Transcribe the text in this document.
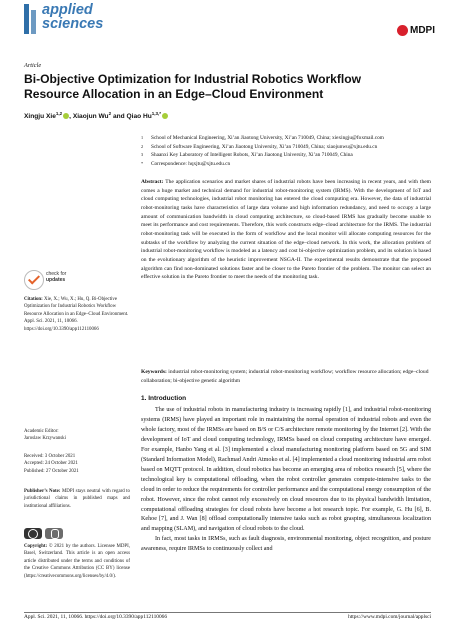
applied
sciences	MDPI
Article
Bi-Objective Optimization for Industrial Robotics Workflow
Resource Allocation in an Edge–Cloud Environment
Xingju Xie$^{1,2}$ , Xiaojun Wu$^2$ and Qiao $Hu^{1,3,*}$
1	School of Mechanical Engineering, Xi’an Jiaotong University, Xi’an 710049, China; xiexingju@foxmail.com
2	School of Software Engineering, Xi’an Jiaotong University, Xi’an 710049, China; xiaojunwu@xjtu.edu.cn
3	Shaanxi Key Laboratory of Intelligent Robots, Xi’an Jiaotong University, Xi’an 710049, China
*	Correspondence: hqxjtu@xjtu.edu.cn
Abstract: The application scenarios and market shares of industrial robots have been increasing in recent years, and with them comes a huge market and technical demand for industrial robot-monitoring system (IRMS). With the development of IoT and cloud computing technologies, industrial robot monitoring has entered the cloud computing era. However, the data of industrial robot-monitoring tasks have characteristics of large data volume and high information redundancy, and need to occupy a large amount of communication bandwidth in cloud computing architecture, so cloud-based IRMS has gradually become unable to meet its performance and cost requirements. Therefore, this work constructs edge–cloud architecture for the IRMS. The industrial robot-monitoring task will be executed in the form of workflow and the local monitor will allocate computing resources for the subtasks of the workflow by analyzing the current situation of the edge–cloud network. In this work, the allocation problem of industrial robot-monitoring workflow is modeled as a latency and cost bi-objective optimization problem, and its solution is based on the evolutionary algorithm of the heuristic improvement NSGA-II. The experimental results demonstrate that the proposed algorithm can find non-dominated solutions faster and be closer to the Pareto frontier of the problem. The monitor can select an effective solution in the Pareto frontier to meet the needs of the monitoring task.
Keywords: industrial robot-monitoring system; industrial robot-monitoring workflow; workflow resource allocation; edge–cloud collaboration; bi-objective genetic algorithm
check for
updates
Citation: Xie, X.; Wu, X.; Hu, Q. Bi-Objective Optimization for Industrial Robotics Workflow Resource Allocation in an Edge–Cloud Environment. Appl. Sci. 2021, 11, 10066. https://doi.org/10.3390/app112110066
Academic Editor:
Jaroslaw Krzywanski
Received: 3 October 2021
Accepted: 24 October 2021
Published: 27 October 2021
Publisher’s Note: MDPI stays neutral with regard to jurisdictional claims in published maps and institutional affiliations.
Copyright: © 2021 by the authors. Licensee MDPI, Basel, Switzerland. This article is an open access article distributed under the terms and conditions of the Creative Commons Attribution (CC BY) license (https://creativecommons.org/licenses/by/4.0/).
1. Introduction

The use of industrial robots in manufacturing industry is increasing rapidly [1], and industrial robot-monitoring systems (IRMS) have played an important role in maintaining the normal operation of industrial robots and even the whole factory, most of the IRMSs are based on B/S or C/S architecture remote monitoring by the Internet [2]. With the development of IoT and cloud computing technology, IRMSs based on cloud computing architecture have emerged. For example, Hanbo Yang et al. [3] implemented a cloud manufacturing monitoring platform based on 5G and SIM (Standard Information Model), Rachmad Andri Atmoko et al. [4] implemented a cloud monitoring industrial arm robot based on MQTT protocol. In addition, cloud robotics has become an emerging area of robotics research [5], where the technological key is computational offloading, when the robot controller generates compute-intensive tasks to the cloud in order to reduce the requirements for controller performance and the computational energy consumption of the robot. However, since the robot cannot rely excessively on cloud resources due to its physical bandwidth limitation, computational offloading strategies for cloud robots have become a hot research topic. For example, G. Hu [6], B. Kehoe [7], and J. Wan [8] offload computationally intensive tasks such as robot grasping, simultaneous localization and mapping (SLAM), and navigation of cloud robots to the cloud.

In fact, most tasks in IRMSs, such as fault diagnosis, environmental monitoring, object recognition, and posture awareness, require IRMSs to continuously collect and

Appl. Sci. 2021, 11, 10066. https://doi.org/10.3390/app112110066	https://www.mdpi.com/journal/applsci
